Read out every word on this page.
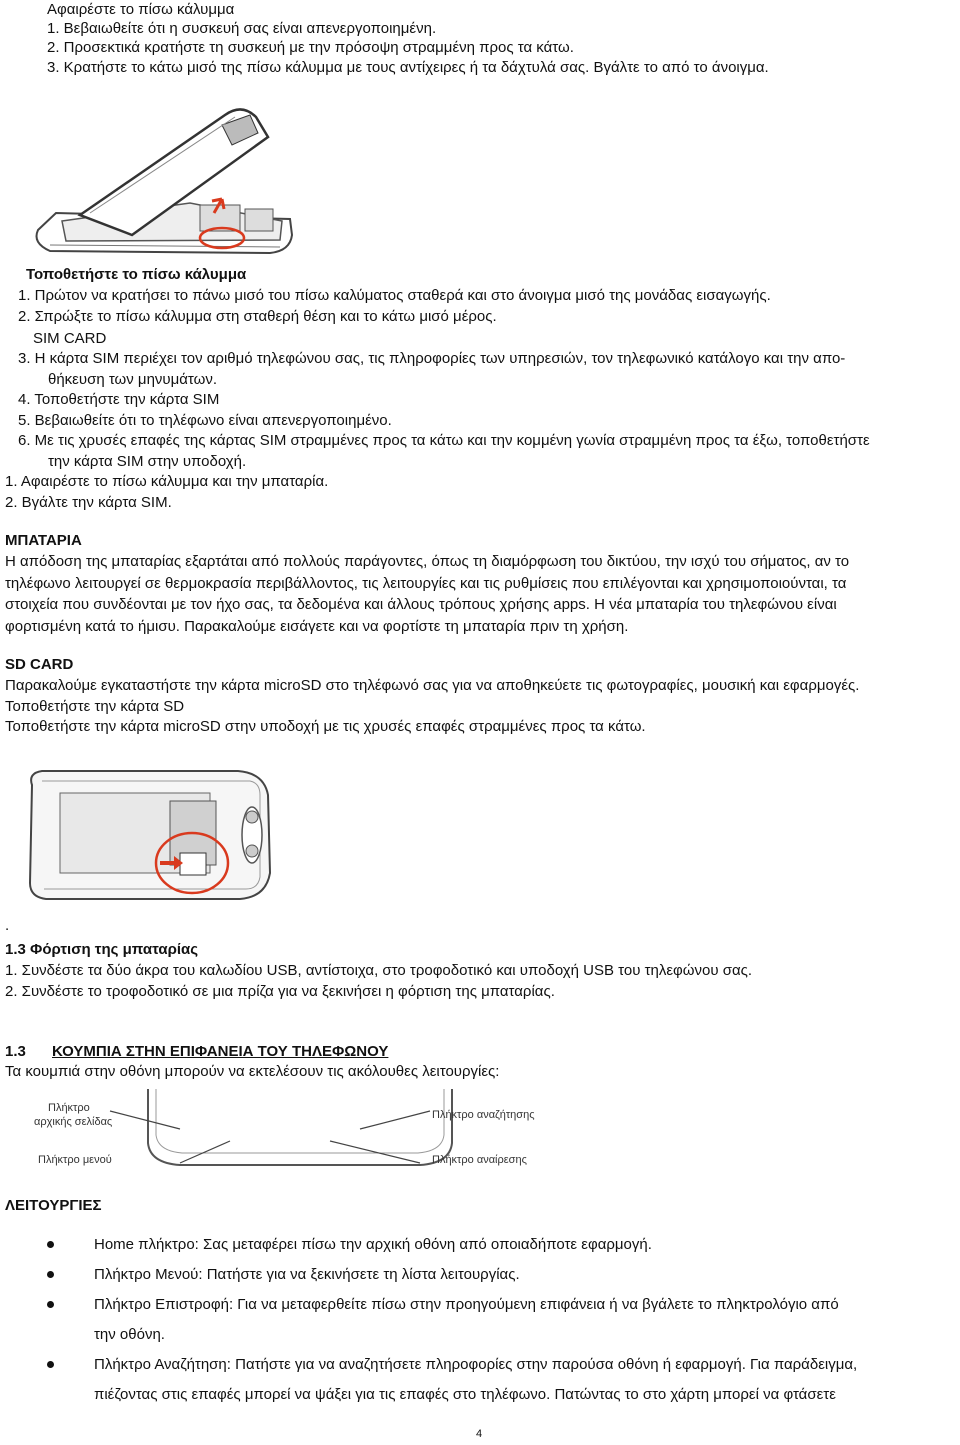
Αφαιρέστε το πίσω κάλυμμα
1. Βεβαιωθείτε ότι η συσκευή σας είναι απενεργοποιημένη.
2. Προσεκτικά κρατήστε τη συσκευή με την πρόσοψη στραμμένη προς τα κάτω.
3. Κρατήστε το κάτω μισό της πίσω κάλυμμα με τους αντίχειρες ή τα δάχτυλά σας. Βγάλτε το από το άνοιγμα.
Τοποθετήστε το πίσω κάλυμμα
1. Πρώτον να κρατήσει το πάνω μισό του πίσω καλύματος σταθερά και στο άνοιγμα μισό της μονάδας εισαγωγής.
2. Σπρώξτε το πίσω κάλυμμα στη σταθερή θέση και το κάτω μισό μέρος.
SIM CARD
3. Η κάρτα SIM περιέχει τον αριθμό τηλεφώνου σας, τις πληροφορίες των υπηρεσιών, τον τηλεφωνικό κατάλογο και την απο-
θήκευση των μηνυμάτων.
4. Τοποθετήστε την κάρτα SIM
5. Βεβαιωθείτε ότι το τηλέφωνο είναι απενεργοποιημένο.
6. Με τις χρυσές επαφές της κάρτας SIM στραμμένες προς τα κάτω και την κομμένη γωνία στραμμένη προς τα έξω, τοποθετήστε
την κάρτα SIM στην υποδοχή.
1. Αφαιρέστε το πίσω κάλυμμα και την μπαταρία.
2. Βγάλτε την κάρτα SIM.
ΜΠΑΤΑΡΙΑ
Η απόδοση της μπαταρίας εξαρτάται από πολλούς παράγοντες, όπως τη διαμόρφωση του δικτύου, την ισχύ του σήματος, αν το
τηλέφωνο λειτουργεί σε θερμοκρασία περιβάλλοντος, τις λειτουργίες και τις ρυθμίσεις που επιλέγονται και χρησιμοποιούνται, τα
στοιχεία που συνδέονται με τον ήχο σας, τα δεδομένα και άλλους τρόπους χρήσης apps. Η νέα μπαταρία του τηλεφώνου είναι
φορτισμένη κατά το ήμισυ. Παρακαλούμε εισάγετε και να φορτίστε τη μπαταρία πριν τη χρήση.
SD CARD
Παρακαλούμε εγκαταστήστε την κάρτα microSD στο τηλέφωνό σας για να αποθηκεύετε τις φωτογραφίες, μουσική και εφαρμογές.
Τοποθετήστε την κάρτα SD
Τοποθετήστε την κάρτα microSD στην υποδοχή με τις χρυσές επαφές στραμμένες προς τα κάτω.
.
1.3 Φόρτιση της μπαταρίας
1. Συνδέστε τα δύο άκρα του καλωδίου USB, αντίστοιχα, στο τροφοδοτικό και υποδοχή USB του τηλεφώνου σας.
2. Συνδέστε το τροφοδοτικό σε μια πρίζα για να ξεκινήσει η φόρτιση της μπαταρίας.
1.3 ΚΟΥΜΠΙΑ ΣΤΗΝ ΕΠΙΦΑΝΕΙΑ ΤΟΥ ΤΗΛΕΦΩΝΟΥ
Τα κουμπιά στην οθόνη μπορούν να εκτελέσουν τις ακόλουθες λειτουργίες:
Πλήκτρο
αρχικής σελίδας
Πλήκτρο αναζήτησης
Πλήκτρο μενού	Πλήκτρο αναίρεσης
ΛΕΙΤΟΥΡΓΙΕΣ
Home πλήκτρο: Σας μεταφέρει πίσω την αρχική οθόνη από οποιαδήποτε εφαρμογή.
Πλήκτρο Μενού: Πατήστε για να ξεκινήσετε τη λίστα λειτουργίας.
Πλήκτρο Επιστροφή: Για να μεταφερθείτε πίσω στην προηγούμενη επιφάνεια ή να βγάλετε το πληκτρολόγιο από
την οθόνη.
Πλήκτρο Αναζήτηση: Πατήστε για να αναζητήσετε πληροφορίες στην παρούσα οθόνη ή εφαρμογή. Για παράδειγμα,
πιέζοντας στις επαφές μπορεί να ψάξει για τις επαφές στο τηλέφωνο. Πατώντας το στο χάρτη μπορεί να φτάσετε
4
